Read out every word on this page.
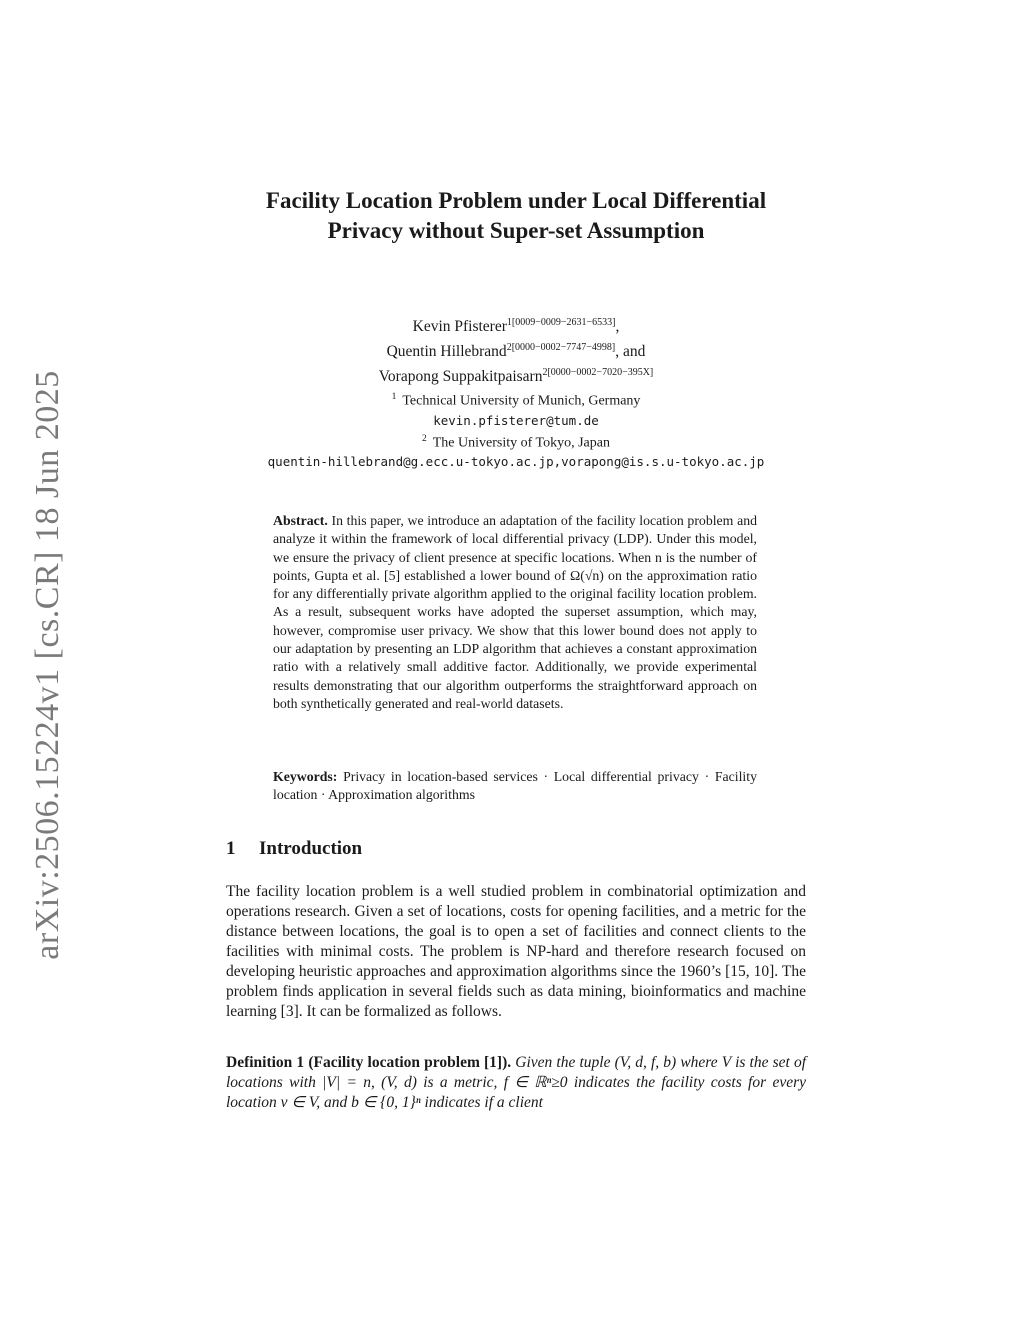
arXiv:2506.15224v1 [cs.CR] 18 Jun 2025
Facility Location Problem under Local Differential Privacy without Super-set Assumption
Kevin Pfisterer$^{1[0009-0009-2631-6533]}$,
Quentin Hillebrand$^{2[0000-0002-7747-4998]}$, and
Vorapong Suppakitpaisarn$^{2[0000-0002-7020-395X]}$
$^1$ Technical University of Munich, Germany
kevin.pfisterer@tum.de
$^2$ The University of Tokyo, Japan
quentin-hillebrand@g.ecc.u-tokyo.ac.jp,vorapong@is.s.u-tokyo.ac.jp

Abstract. In this paper, we introduce an adaptation of the facility location problem and analyze it within the framework of local differential privacy (LDP). Under this model, we ensure the privacy of client presence at specific locations. When n is the number of points, Gupta et al. [5] established a lower bound of Ω(√n) on the approximation ratio for any differentially private algorithm applied to the original facility location problem. As a result, subsequent works have adopted the superset assumption, which may, however, compromise user privacy. We show that this lower bound does not apply to our adaptation by presenting an LDP algorithm that achieves a constant approximation ratio with a relatively small additive factor. Additionally, we provide experimental results demonstrating that our algorithm outperforms the straightforward approach on both synthetically generated and real-world datasets.

Keywords: Privacy in location-based services · Local differential privacy · Facility location · Approximation algorithms

1 Introduction

The facility location problem is a well studied problem in combinatorial optimization and operations research. Given a set of locations, costs for opening facilities, and a metric for the distance between locations, the goal is to open a set of facilities and connect clients to the facilities with minimal costs. The problem is NP-hard and therefore research focused on developing heuristic approaches and approximation algorithms since the 1960’s [15, 10]. The problem finds application in several fields such as data mining, bioinformatics and machine learning [3]. It can be formalized as follows.

Definition 1 (Facility location problem [1]). Given the tuple (V, d, f, b) where V is the set of locations with |V| = n, (V, d) is a metric, f ∈ ℝⁿ≥0 indicates the facility costs for every location v ∈ V, and b ∈ {0, 1}ⁿ indicates if a client
